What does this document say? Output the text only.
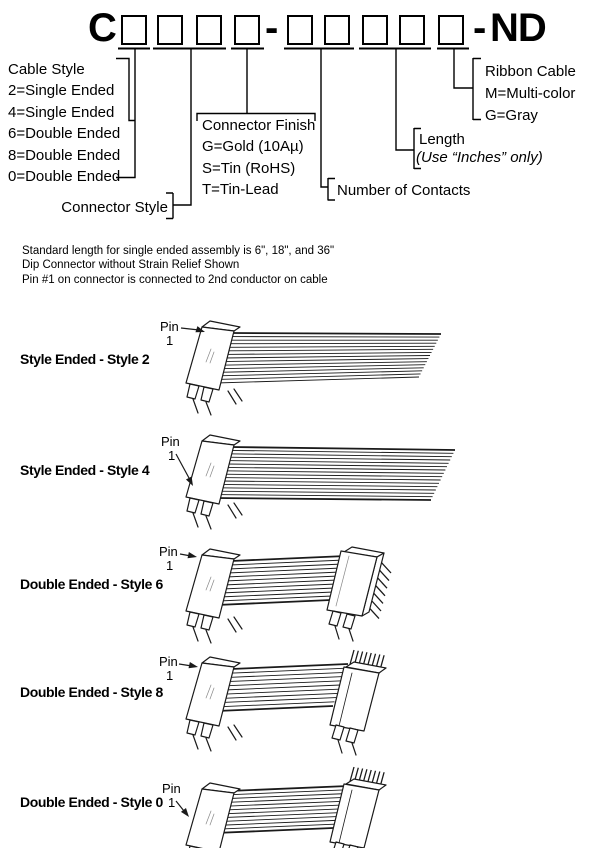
C	-	- ND
Cable Style
2=Single Ended
4=Single Ended
6=Double Ended
8=Double Ended
0=Double Ended
Connector Style
Connector Finish
G=Gold (10Aµ)
S=Tin (RoHS)
T=Tin-Lead	Number of Contacts
Length
(Use “Inches” only)
Ribbon Cable
M=Multi-color
G=Gray
Standard length for single ended assembly is 6", 18", and 36"
Dip Connector without Strain Relief Shown
Pin #1 on connector is connected to 2nd conductor on cable
Style Ended - Style 2
Style Ended - Style 4
Double Ended - Style 6
Double Ended - Style 8
Double Ended - Style 0
Pin
1
Pin
1
Pin
1
Pin
1
Pin
1
